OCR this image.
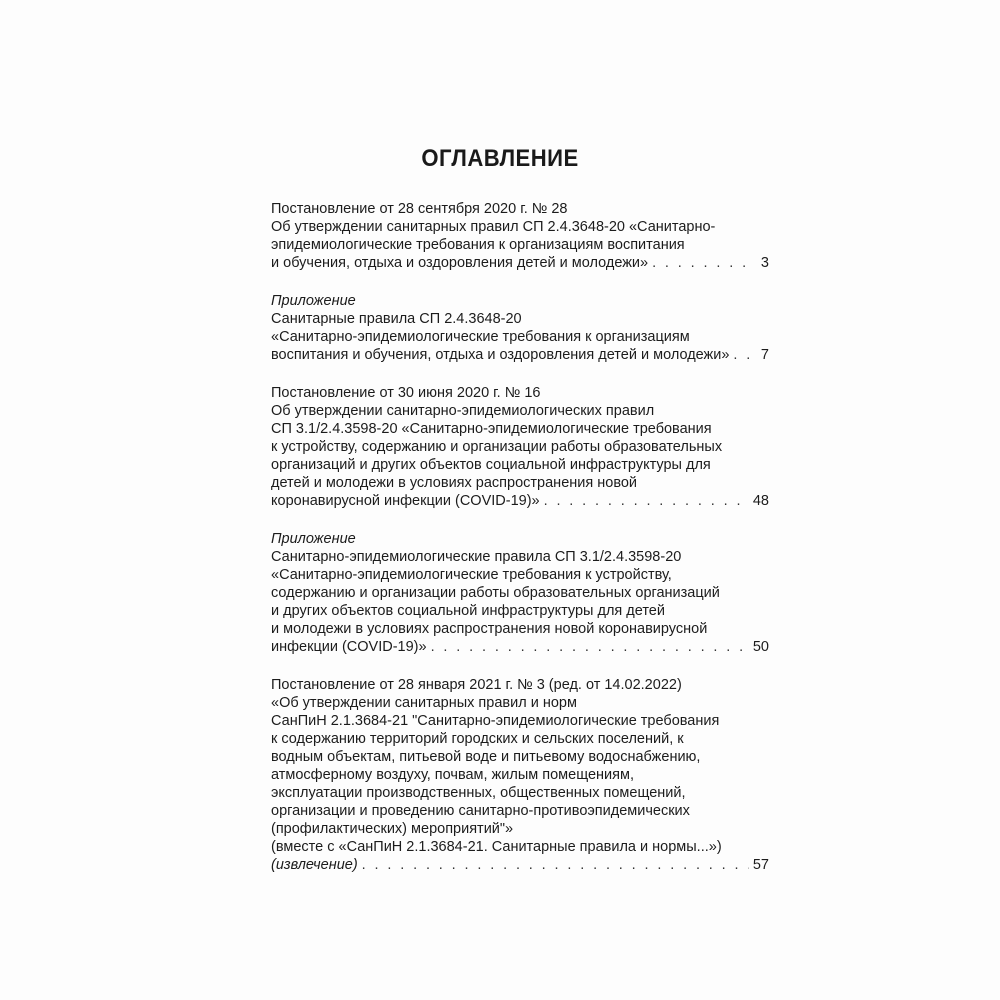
ОГЛАВЛЕНИЕ
Постановление от 28 сентября 2020 г. № 28
Об утверждении санитарных правил СП 2.4.3648-20 «Санитарно-
эпидемиологические требования к организациям воспитания
и обучения, отдыха и оздоровления детей и молодежи» . . .	3
Приложение
Санитарные правила СП 2.4.3648-20
«Санитарно-эпидемиологические требования к организациям
воспитания и обучения, отдыха и оздоровления детей и молодежи» . . .	7
Постановление от 30 июня 2020 г. № 16
Об утверждении санитарно-эпидемиологических правил
СП 3.1/2.4.3598-20 «Санитарно-эпидемиологические требования
к устройству, содержанию и организации работы образовательных
организаций и других объектов социальной инфраструктуры для
детей и молодежи в условиях распространения новой
коронавирусной инфекции (COVID-19)» . . .	48
Приложение
Санитарно-эпидемиологические правила СП 3.1/2.4.3598-20
«Санитарно-эпидемиологические требования к устройству,
содержанию и организации работы образовательных организаций
и других объектов социальной инфраструктуры для детей
и молодежи в условиях распространения новой коронавирусной
инфекции (COVID-19)» . . .	50
Постановление от 28 января 2021 г. № 3 (ред. от 14.02.2022)
«Об утверждении санитарных правил и норм
СанПиН 2.1.3684-21 "Санитарно-эпидемиологические требования
к содержанию территорий городских и сельских поселений, к
водным объектам, питьевой воде и питьевому водоснабжению,
атмосферному воздуху, почвам, жилым помещениям,
эксплуатации производственных, общественных помещений,
организации и проведению санитарно-противоэпидемических
(профилактических) мероприятий"»
(вместе с «СанПиН 2.1.3684-21. Санитарные правила и нормы...»)
(извлечение) . . .	57
